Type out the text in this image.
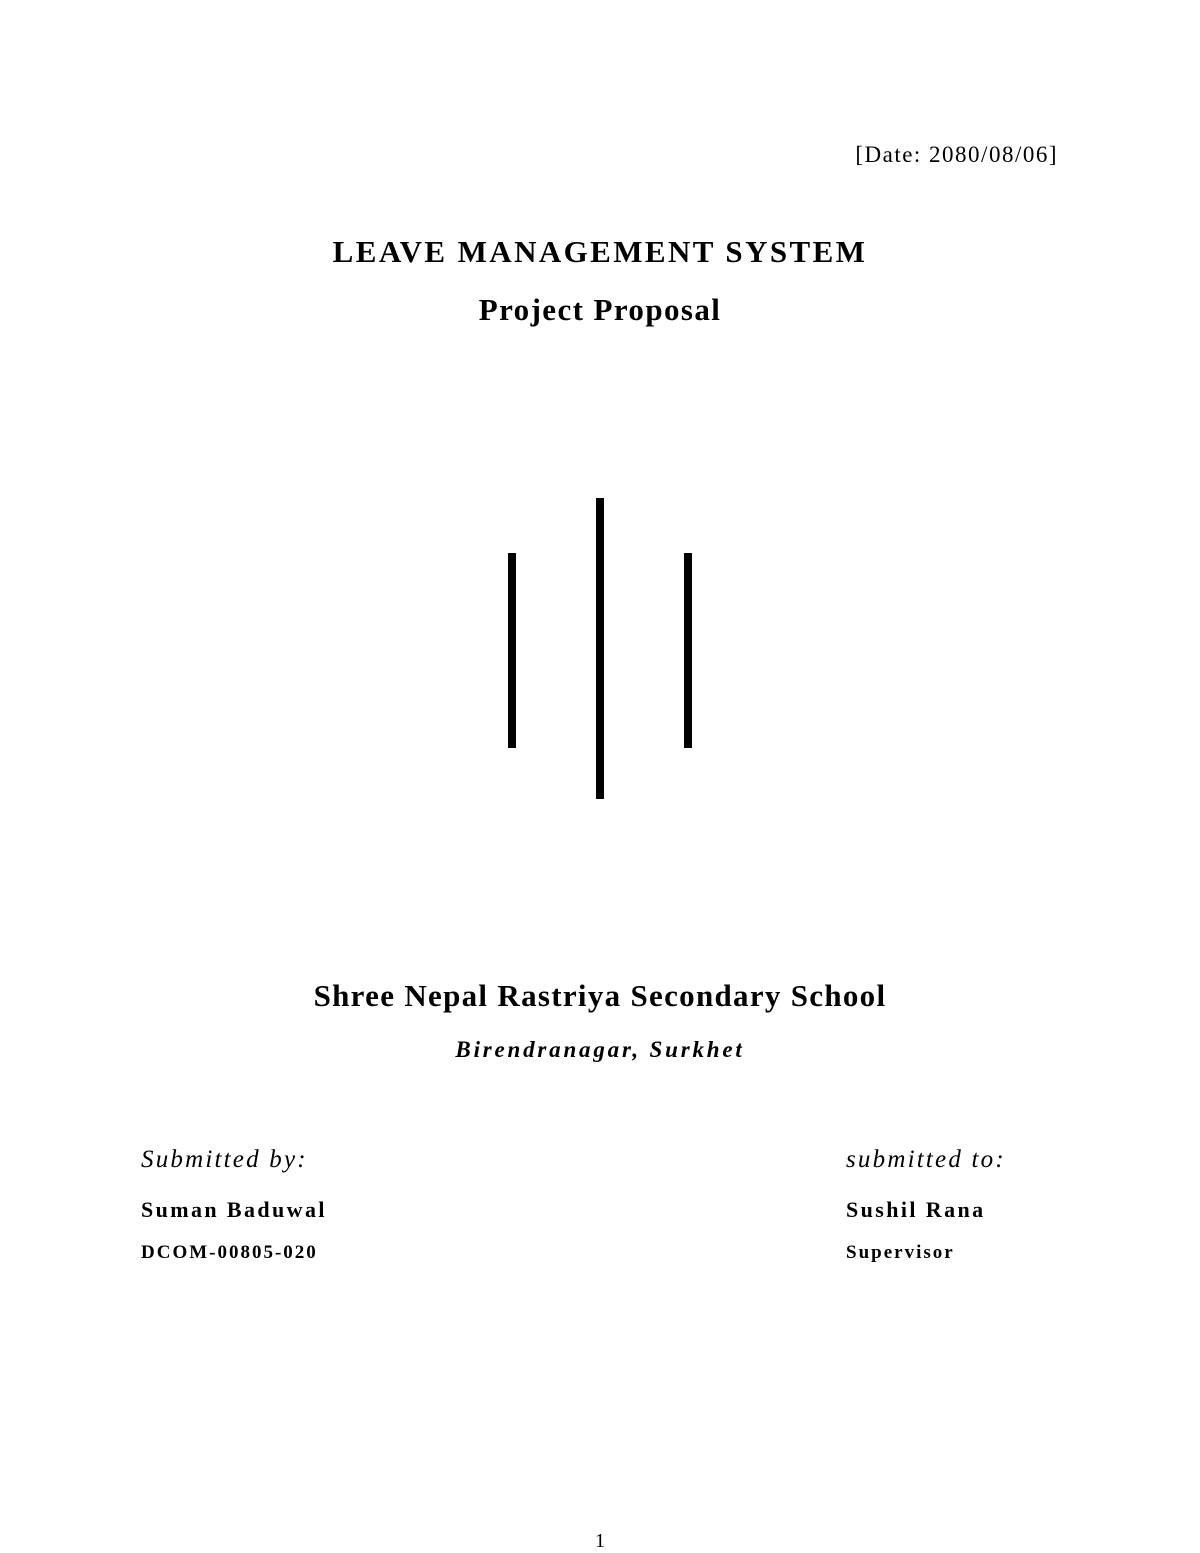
[Date: 2080/08/06]

LEAVE MANAGEMENT SYSTEM
Project Proposal

Shree Nepal Rastriya Secondary School

Birendranagar, Surkhet

Submitted by:

Suman Baduwal

DCOM-00805-020

submitted to:

Sushil Rana

Supervisor

1
